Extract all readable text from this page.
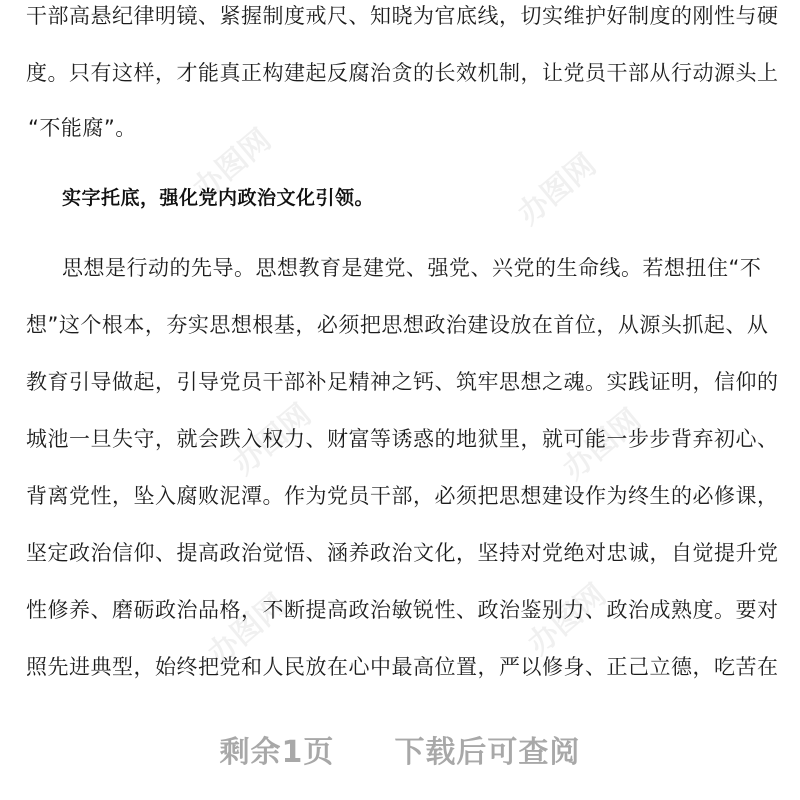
办图网	办图网
办图网	办图网
办图网	办图网
干部高悬纪律明镜、紧握制度戒尺、知晓为官底线，切实维护好制度的刚性与硬
度。只有这样，才能真正构建起反腐治贪的长效机制，让党员干部从行动源头上
“不能腐”。
实字托底，强化党内政治文化引领。
思想是行动的先导。思想教育是建党、强党、兴党的生命线。若想扭住“不
想”这个根本，夯实思想根基，必须把思想政治建设放在首位，从源头抓起、从
教育引导做起，引导党员干部补足精神之钙、筑牢思想之魂。实践证明，信仰的
城池一旦失守，就会跌入权力、财富等诱惑的地狱里，就可能一步步背弃初心、
背离党性，坠入腐败泥潭。作为党员干部，必须把思想建设作为终生的必修课，
坚定政治信仰、提高政治觉悟、涵养政治文化，坚持对党绝对忠诚，自觉提升党
性修养、磨砺政治品格，不断提高政治敏锐性、政治鉴别力、政治成熟度。要对
照先进典型，始终把党和人民放在心中最高位置，严以修身、正己立德，吃苦在
剩余1页 下载后可查阅
